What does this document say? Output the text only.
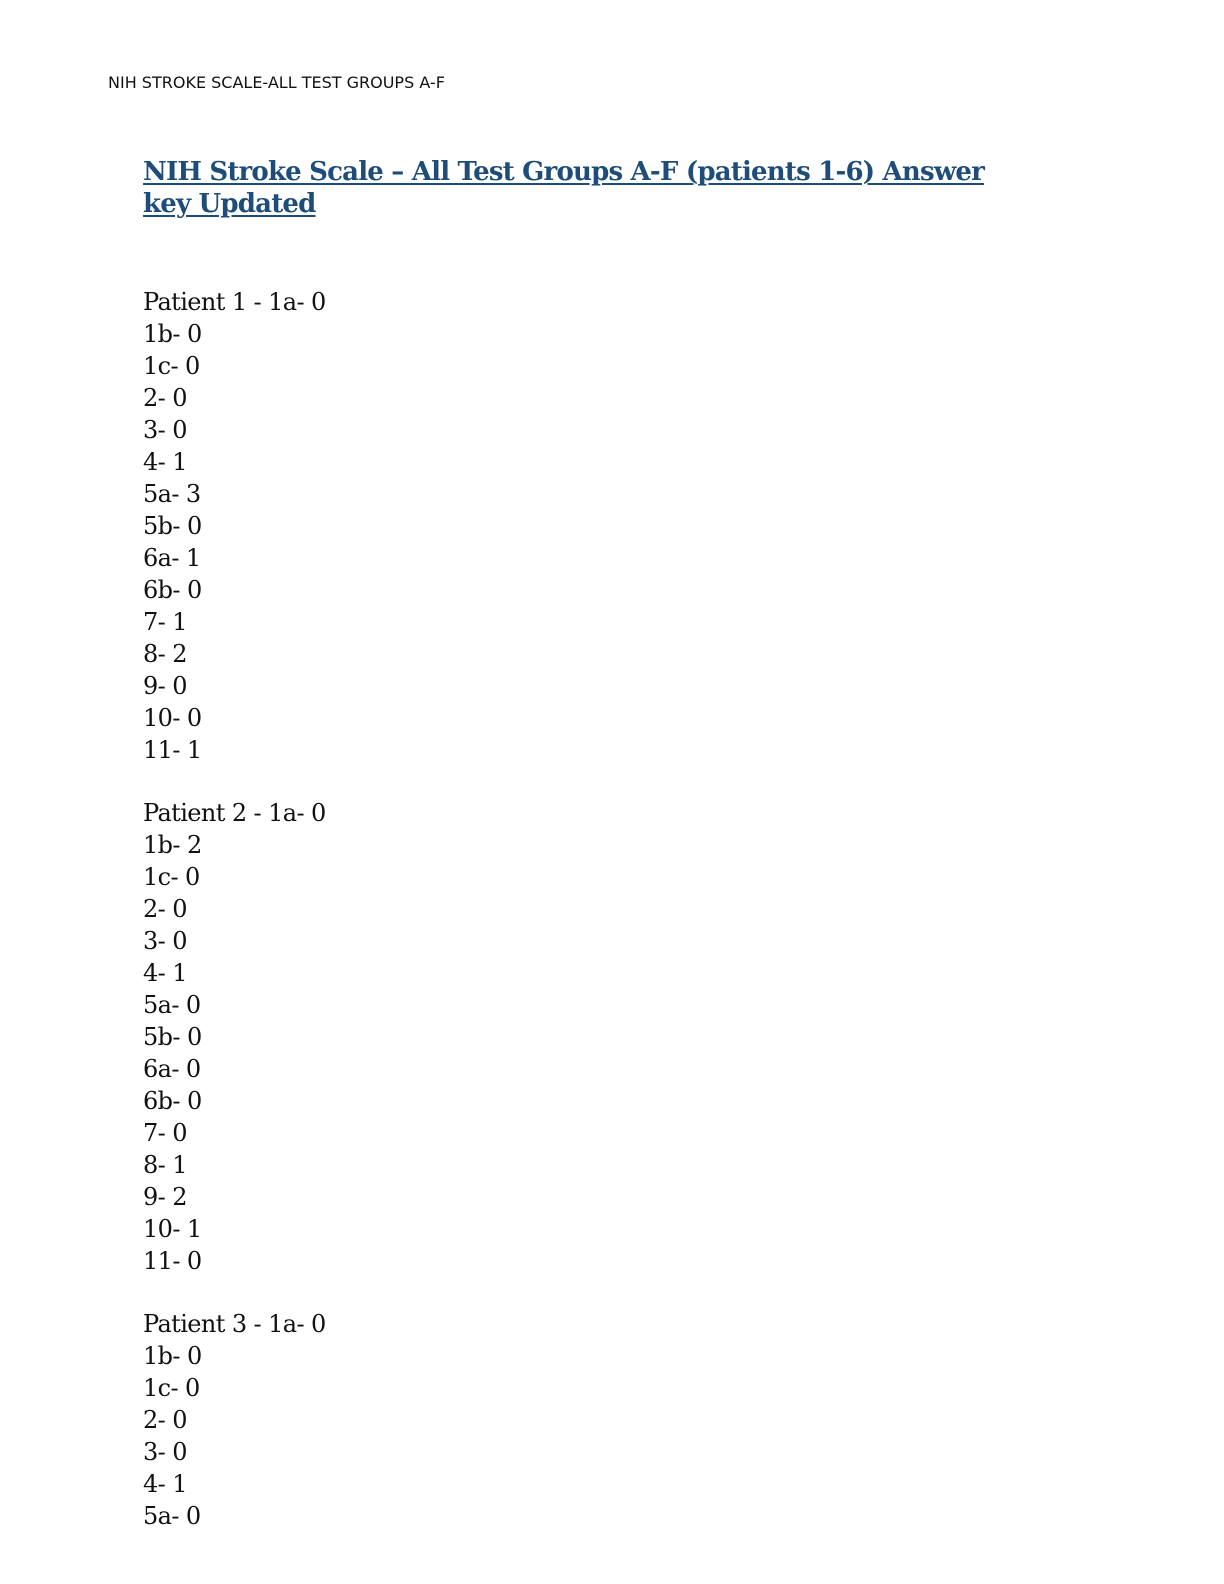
NIH STROKE SCALE-ALL TEST GROUPS A-F
NIH Stroke Scale – All Test Groups A-F (patients 1-6) Answer
key Updated
Patient 1 - 1a- 0
1b- 0
1c- 0
2- 0
3- 0
4- 1
5a- 3
5b- 0
6a- 1
6b- 0
7- 1
8- 2
9- 0
10- 0
11- 1
Patient 2 - 1a- 0
1b- 2
1c- 0
2- 0
3- 0
4- 1
5a- 0
5b- 0
6a- 0
6b- 0
7- 0
8- 1
9- 2
10- 1
11- 0
Patient 3 - 1a- 0
1b- 0
1c- 0
2- 0
3- 0
4- 1
5a- 0
